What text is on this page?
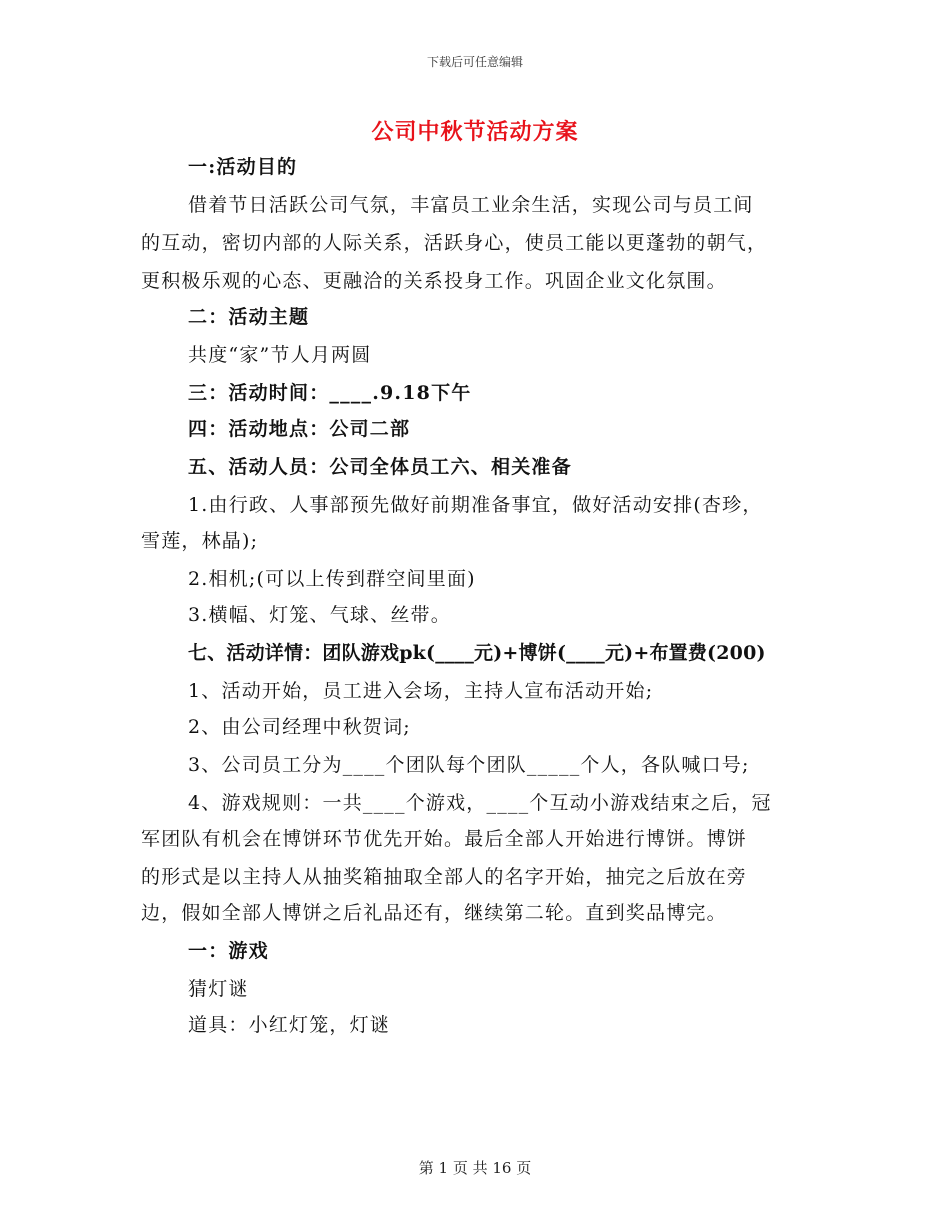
下载后可任意编辑
公司中秋节活动方案
一:活动目的
借着节日活跃公司气氛，丰富员工业余生活，实现公司与员工间
的互动，密切内部的人际关系，活跃身心，使员工能以更蓬勃的朝气，
更积极乐观的心态、更融洽的关系投身工作。巩固企业文化氛围。
二：活动主题
共度“家”节人月两圆
三：活动时间：____.9.18下午
四：活动地点：公司二部
五、活动人员：公司全体员工六、相关准备
1.由行政、人事部预先做好前期准备事宜，做好活动安排(杏珍，
雪莲，林晶);
2.相机;(可以上传到群空间里面)
3.横幅、灯笼、气球、丝带。
七、活动详情：团队游戏pk(____元)+博饼(____元)+布置费(200)
1、活动开始，员工进入会场，主持人宣布活动开始;
2、由公司经理中秋贺词;
3、公司员工分为____个团队每个团队_____个人，各队喊口号;
4、游戏规则：一共____个游戏，____个互动小游戏结束之后，冠
军团队有机会在博饼环节优先开始。最后全部人开始进行博饼。博饼
的形式是以主持人从抽奖箱抽取全部人的名字开始，抽完之后放在旁
边，假如全部人博饼之后礼品还有，继续第二轮。直到奖品博完。
一：游戏
猜灯谜
道具：小红灯笼，灯谜
第 1 页 共 16 页
